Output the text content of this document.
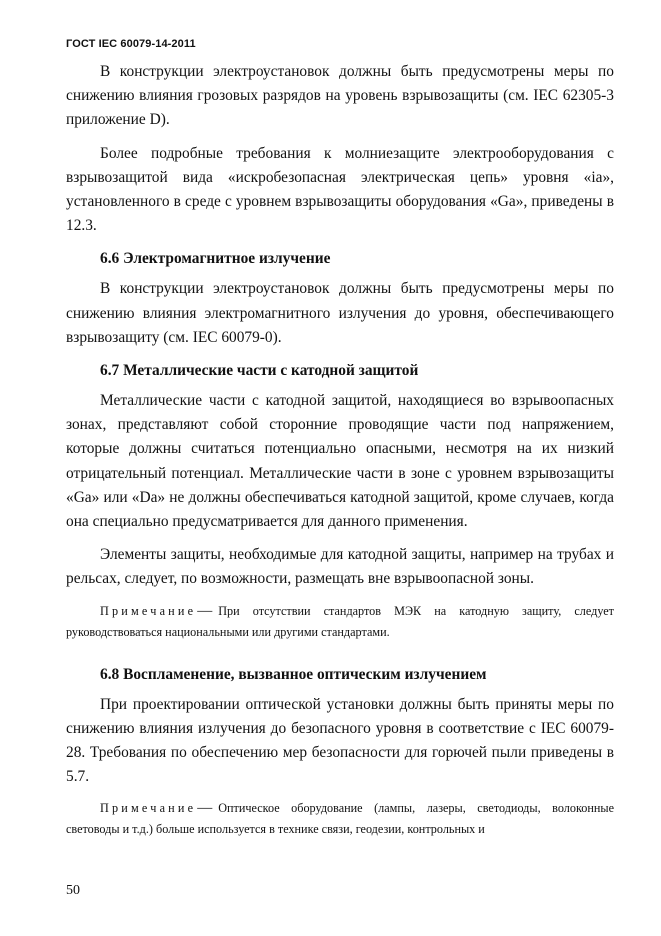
ГОСТ IEC 60079-14-2011

В конструкции электроустановок должны быть предусмотрены меры по снижению влияния грозовых разрядов на уровень взрывозащиты (см. IEC 62305-3 приложение D).

Более подробные требования к молниезащите электрооборудования с взрывозащитой вида «искробезопасная электрическая цепь» уровня «ia», установленного в среде с уровнем взрывозащиты оборудования «Ga», приведены в 12.3.

6.6 Электромагнитное излучение

В конструкции электроустановок должны быть предусмотрены меры по снижению влияния электромагнитного излучения до уровня, обеспечивающего взрывозащиту (см. IEC 60079-0).

6.7 Металлические части с катодной защитой

Металлические части с катодной защитой, находящиеся во взрывоопасных зонах, представляют собой сторонние проводящие части под напряжением, которые должны считаться потенциально опасными, несмотря на их низкий отрицательный потенциал. Металлические части в зоне с уровнем взрывозащиты «Ga» или «Da» не должны обеспечиваться катодной защитой, кроме случаев, когда она специально предусматривается для данного применения.

Элементы защиты, необходимые для катодной защиты, например на трубах и рельсах, следует, по возможности, размещать вне взрывоопасной зоны.

Примечание— При отсутствии стандартов МЭК на катодную защиту, следует руководствоваться национальными или другими стандартами.

6.8 Воспламенение, вызванное оптическим излучением

При проектировании оптической установки должны быть приняты меры по снижению влияния излучения до безопасного уровня в соответствие с IEC 60079-28. Требования по обеспечению мер безопасности для горючей пыли приведены в 5.7.

Примечание— Оптическое оборудование (лампы, лазеры, светодиоды, волоконные световоды и т.д.) больше используется в технике связи, геодезии, контрольных и

50
